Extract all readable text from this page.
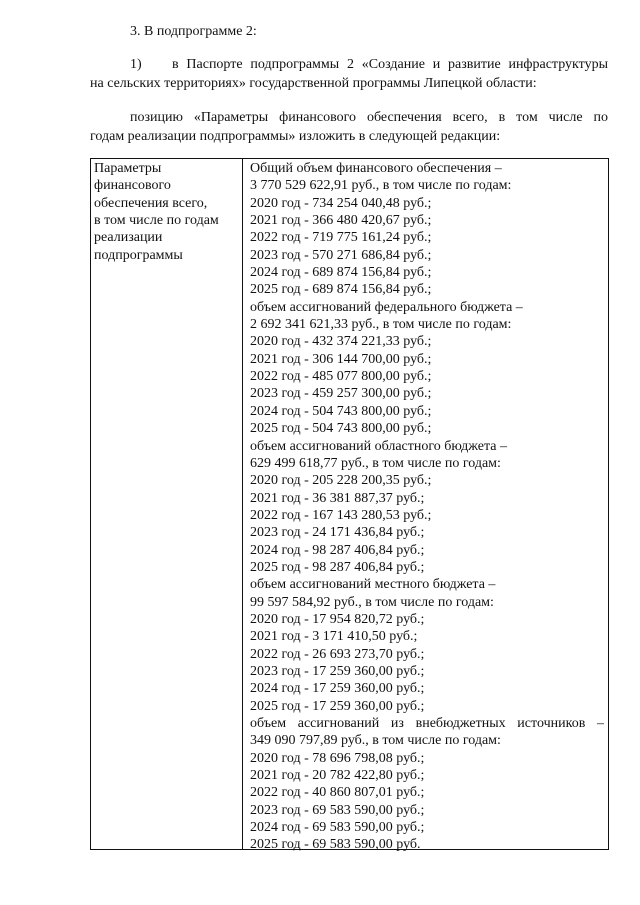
3. В подпрограмме 2:
1) в Паспорте подпрограммы 2 «Создание и развитие инфраструктуры
на сельских территориях» государственной программы Липецкой области:
позицию «Параметры финансового обеспечения всего, в том числе по
годам реализации подпрограммы» изложить в следующей редакции:
Параметры
финансового
обеспечения всего,
в том числе по годам
реализации
подпрограммы
Общий объем финансового обеспечения –
3 770 529 622,91 руб., в том числе по годам:
2020 год - 734 254 040,48 руб.;
2021 год - 366 480 420,67 руб.;
2022 год - 719 775 161,24 руб.;
2023 год - 570 271 686,84 руб.;
2024 год - 689 874 156,84 руб.;
2025 год - 689 874 156,84 руб.;
объем ассигнований федерального бюджета –
2 692 341 621,33 руб., в том числе по годам:
2020 год - 432 374 221,33 руб.;
2021 год - 306 144 700,00 руб.;
2022 год - 485 077 800,00 руб.;
2023 год - 459 257 300,00 руб.;
2024 год - 504 743 800,00 руб.;
2025 год - 504 743 800,00 руб.;
объем ассигнований областного бюджета –
629 499 618,77 руб., в том числе по годам:
2020 год - 205 228 200,35 руб.;
2021 год - 36 381 887,37 руб.;
2022 год - 167 143 280,53 руб.;
2023 год - 24 171 436,84 руб.;
2024 год - 98 287 406,84 руб.;
2025 год - 98 287 406,84 руб.;
объем ассигнований местного бюджета –
99 597 584,92 руб., в том числе по годам:
2020 год - 17 954 820,72 руб.;
2021 год - 3 171 410,50 руб.;
2022 год - 26 693 273,70 руб.;
2023 год - 17 259 360,00 руб.;
2024 год - 17 259 360,00 руб.;
2025 год - 17 259 360,00 руб.;
объем ассигнований из внебюджетных источников –
349 090 797,89 руб., в том числе по годам:
2020 год - 78 696 798,08 руб.;
2021 год - 20 782 422,80 руб.;
2022 год - 40 860 807,01 руб.;
2023 год - 69 583 590,00 руб.;
2024 год - 69 583 590,00 руб.;
2025 год - 69 583 590,00 руб.
